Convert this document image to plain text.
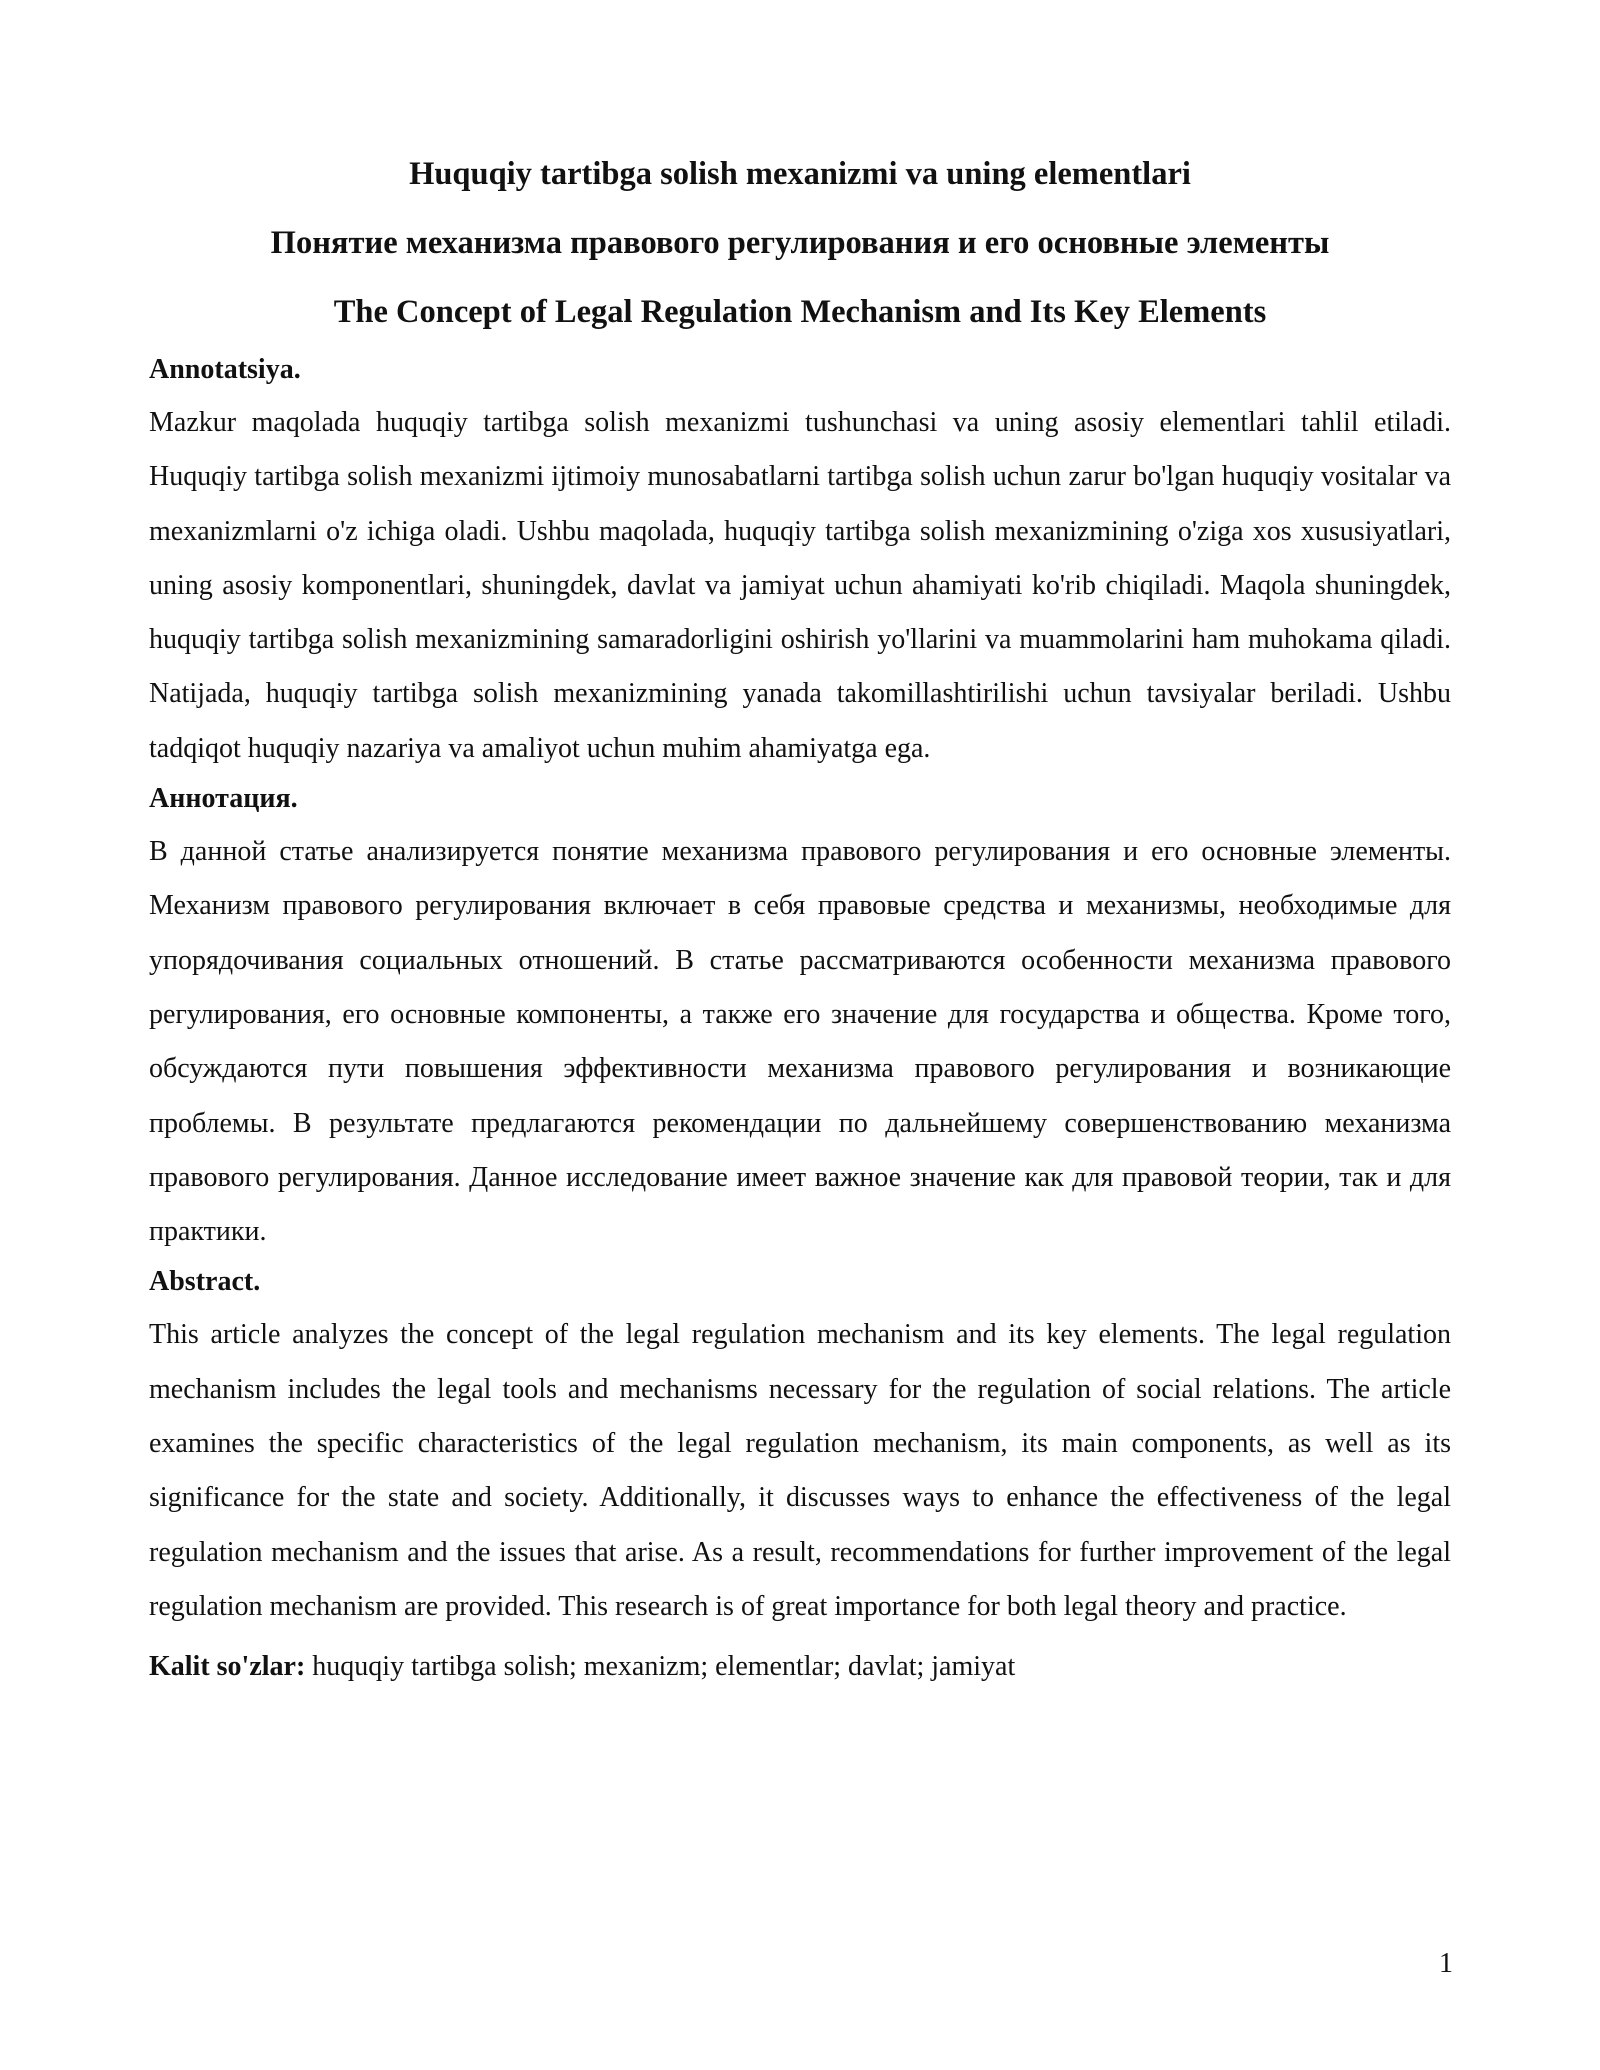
Huquqiy tartibga solish mexanizmi va uning elementlari
Понятие механизма правового регулирования и его основные элементы
The Concept of Legal Regulation Mechanism and Its Key Elements
Annotatsiya.

Mazkur maqolada huquqiy tartibga solish mexanizmi tushunchasi va uning asosiy elementlari tahlil etiladi. Huquqiy tartibga solish mexanizmi ijtimoiy munosabatlarni tartibga solish uchun zarur bo'lgan huquqiy vositalar va mexanizmlarni o'z ichiga oladi. Ushbu maqolada, huquqiy tartibga solish mexanizmining o'ziga xos xususiyatlari, uning asosiy komponentlari, shuningdek, davlat va jamiyat uchun ahamiyati ko'rib chiqiladi. Maqola shuningdek, huquqiy tartibga solish mexanizmining samaradorligini oshirish yo'llarini va muammolarini ham muhokama qiladi. Natijada, huquqiy tartibga solish mexanizmining yanada takomillashtirilishi uchun tavsiyalar beriladi. Ushbu tadqiqot huquqiy nazariya va amaliyot uchun muhim ahamiyatga ega.

Аннотация.

В данной статье анализируется понятие механизма правового регулирования и его основные элементы. Механизм правового регулирования включает в себя правовые средства и механизмы, необходимые для упорядочивания социальных отношений. В статье рассматриваются особенности механизма правового регулирования, его основные компоненты, а также его значение для государства и общества. Кроме того, обсуждаются пути повышения эффективности механизма правового регулирования и возникающие проблемы. В результате предлагаются рекомендации по дальнейшему совершенствованию механизма правового регулирования. Данное исследование имеет важное значение как для правовой теории, так и для практики.

Abstract.

This article analyzes the concept of the legal regulation mechanism and its key elements. The legal regulation mechanism includes the legal tools and mechanisms necessary for the regulation of social relations. The article examines the specific characteristics of the legal regulation mechanism, its main components, as well as its significance for the state and society. Additionally, it discusses ways to enhance the effectiveness of the legal regulation mechanism and the issues that arise. As a result, recommendations for further improvement of the legal regulation mechanism are provided. This research is of great importance for both legal theory and practice.

Kalit so'zlar: huquqiy tartibga solish; mexanizm; elementlar; davlat; jamiyat

1
